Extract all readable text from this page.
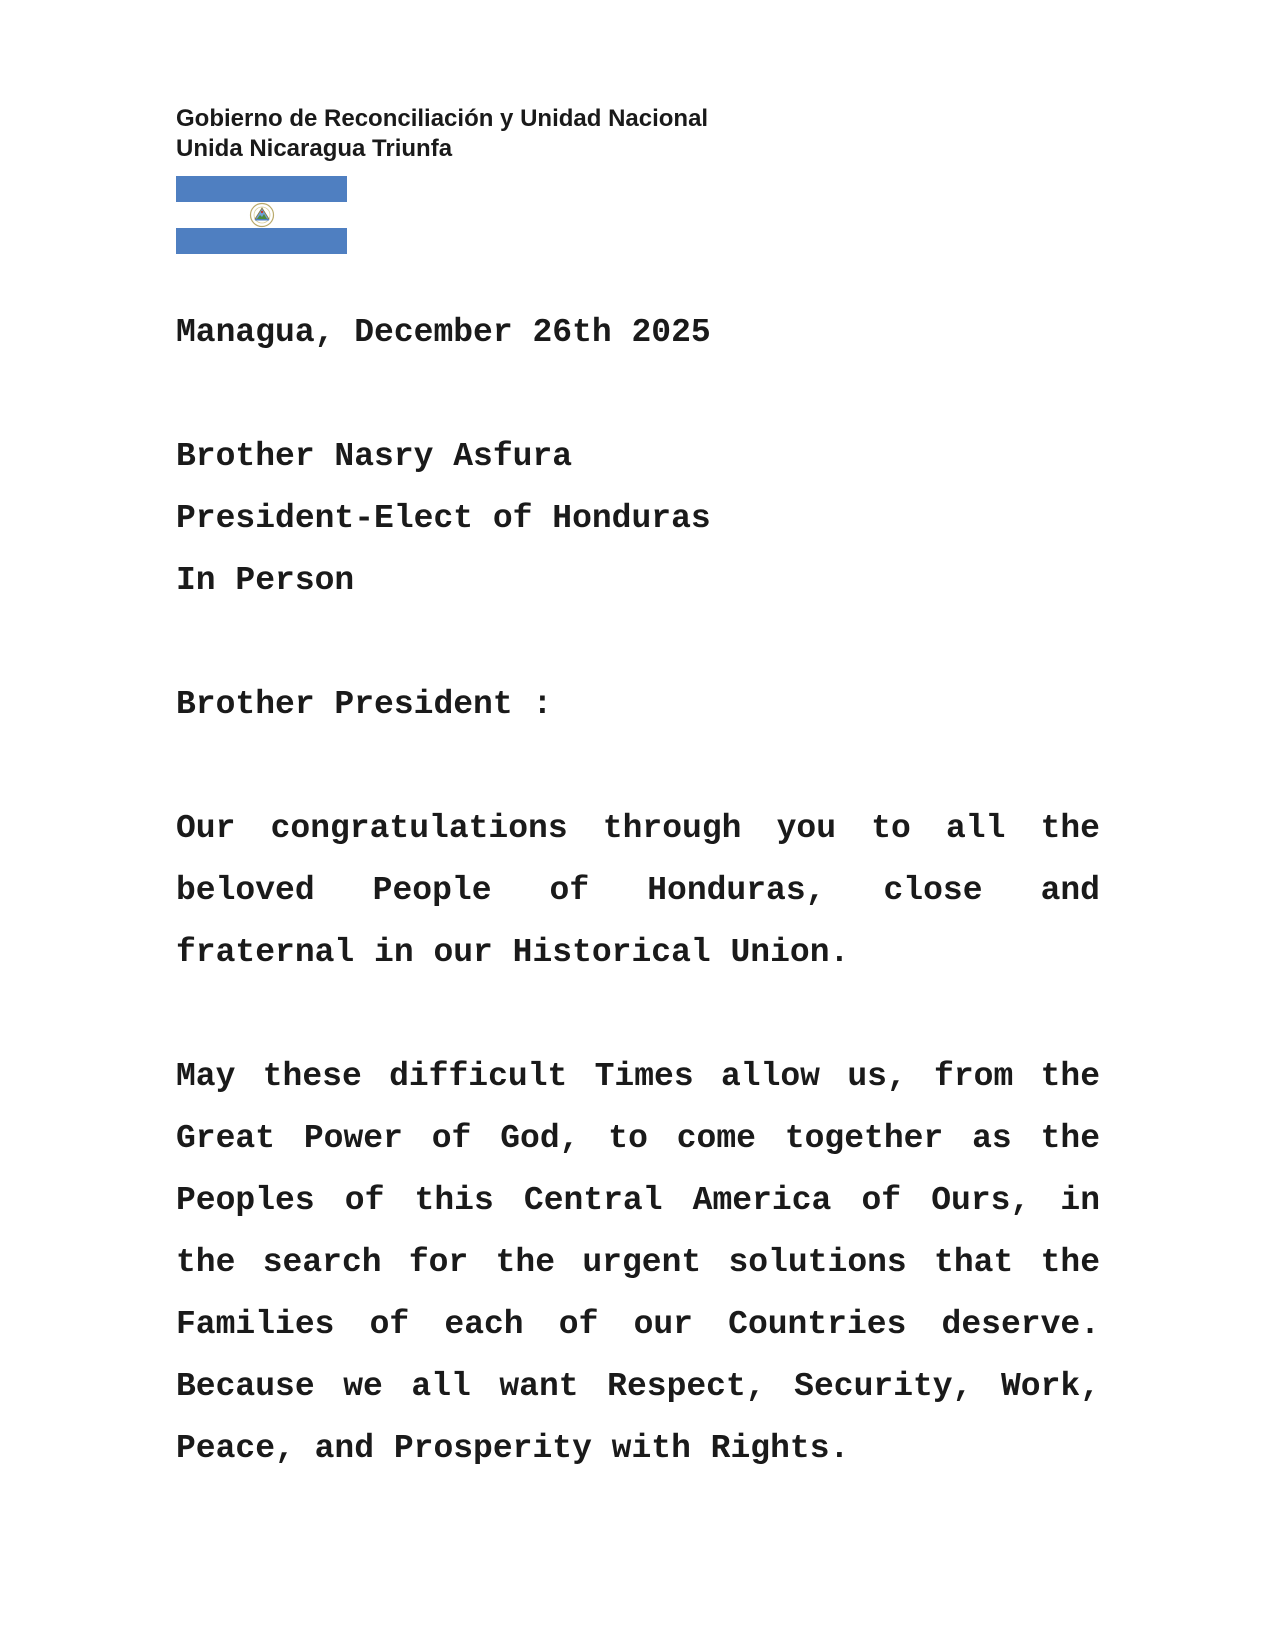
Gobierno de Reconciliación y Unidad Nacional
Unida Nicaragua Triunfa
Managua, December 26th 2025
Brother Nasry Asfura
President-Elect of Honduras
In Person
Brother President :
Our congratulations through you to all the beloved People of Honduras, close and fraternal in our Historical Union.
May these difficult Times allow us, from the Great Power of God, to come together as the Peoples of this Central America of Ours, in the search for the urgent solutions that the Families of each of our Countries deserve. Because we all want Respect, Security, Work, Peace, and Prosperity with Rights.
